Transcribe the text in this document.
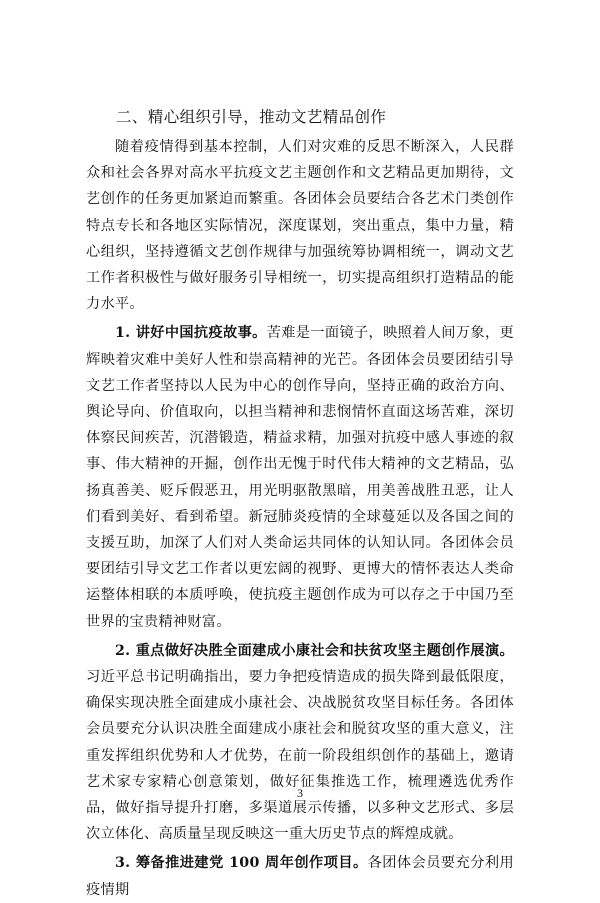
二、精心组织引导，推动文艺精品创作

随着疫情得到基本控制，人们对灾难的反思不断深入，人民群众和社会各界对高水平抗疫文艺主题创作和文艺精品更加期待，文艺创作的任务更加紧迫而繁重。各团体会员要结合各艺术门类创作特点专长和各地区实际情况，深度谋划，突出重点，集中力量，精心组织，坚持遵循文艺创作规律与加强统筹协调相统一，调动文艺工作者积极性与做好服务引导相统一，切实提高组织打造精品的能力水平。

1. 讲好中国抗疫故事。苦难是一面镜子，映照着人间万象，更辉映着灾难中美好人性和崇高精神的光芒。各团体会员要团结引导文艺工作者坚持以人民为中心的创作导向，坚持正确的政治方向、舆论导向、价值取向，以担当精神和悲悯情怀直面这场苦难，深切体察民间疾苦，沉潜锻造，精益求精，加强对抗疫中感人事迹的叙事、伟大精神的开掘，创作出无愧于时代伟大精神的文艺精品，弘扬真善美、贬斥假恶丑，用光明驱散黑暗，用美善战胜丑恶，让人们看到美好、看到希望。新冠肺炎疫情的全球蔓延以及各国之间的支援互助，加深了人们对人类命运共同体的认知认同。各团体会员要团结引导文艺工作者以更宏阔的视野、更博大的情怀表达人类命运整体相联的本质呼唤，使抗疫主题创作成为可以存之于中国乃至世界的宝贵精神财富。

2. 重点做好决胜全面建成小康社会和扶贫攻坚主题创作展演。习近平总书记明确指出，要力争把疫情造成的损失降到最低限度，确保实现决胜全面建成小康社会、决战脱贫攻坚目标任务。各团体会员要充分认识决胜全面建成小康社会和脱贫攻坚的重大意义，注重发挥组织优势和人才优势，在前一阶段组织创作的基础上，邀请艺术家专家精心创意策划，做好征集推选工作，梳理遴选优秀作品，做好指导提升打磨，多渠道展示传播，以多种文艺形式、多层次立体化、高质量呈现反映这一重大历史节点的辉煌成就。

3. 筹备推进建党 100 周年创作项目。各团体会员要充分利用疫情期

3
